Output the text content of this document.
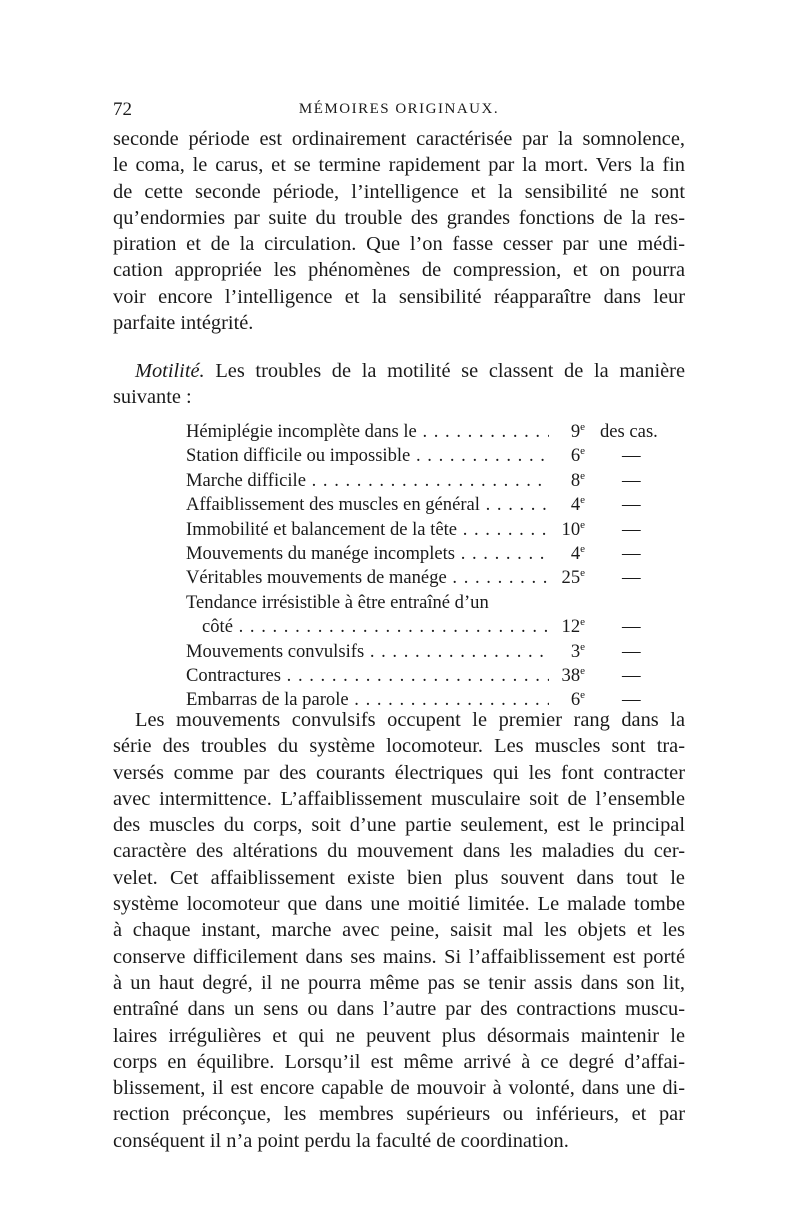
72	MÉMOIRES ORIGINAUX.
seconde période est ordinairement caractérisée par la somnolence,
le coma, le carus, et se termine rapidement par la mort. Vers la fin
de cette seconde période, l’intelligence et la sensibilité ne sont
qu’endormies par suite du trouble des grandes fonctions de la res-
piration et de la circulation. Que l’on fasse cesser par une médi-
cation appropriée les phénomènes de compression, et on pourra
voir encore l’intelligence et la sensibilité réapparaître dans leur
parfaite intégrité.
Motilité. Les troubles de la motilité se classent de la manière
suivante :
Hémiplégie incomplète dans le . . .	9e des cas.
Station difficile ou impossible . . .	6e —
Marche difficile . . .	8e —
Affaiblissement des muscles en général . . .	4e —
Immobilité et balancement de la tête . . .	10e —
Mouvements du manége incomplets . . .	4e —
Véritables mouvements de manége . . .	25e —
Tendance irrésistible à être entraîné d’un
côté . . .	12e —
Mouvements convulsifs . . .	3e —
Contractures . . .	38e —
Embarras de la parole . . .	6e —
Les mouvements convulsifs occupent le premier rang dans la
série des troubles du système locomoteur. Les muscles sont tra-
versés comme par des courants électriques qui les font contracter
avec intermittence. L’affaiblissement musculaire soit de l’ensemble
des muscles du corps, soit d’une partie seulement, est le principal
caractère des altérations du mouvement dans les maladies du cer-
velet. Cet affaiblissement existe bien plus souvent dans tout le
système locomoteur que dans une moitié limitée. Le malade tombe
à chaque instant, marche avec peine, saisit mal les objets et les
conserve difficilement dans ses mains. Si l’affaiblissement est porté
à un haut degré, il ne pourra même pas se tenir assis dans son lit,
entraîné dans un sens ou dans l’autre par des contractions muscu-
laires irrégulières et qui ne peuvent plus désormais maintenir le
corps en équilibre. Lorsqu’il est même arrivé à ce degré d’affai-
blissement, il est encore capable de mouvoir à volonté, dans une di-
rection préconçue, les membres supérieurs ou inférieurs, et par
conséquent il n’a point perdu la faculté de coordination.
